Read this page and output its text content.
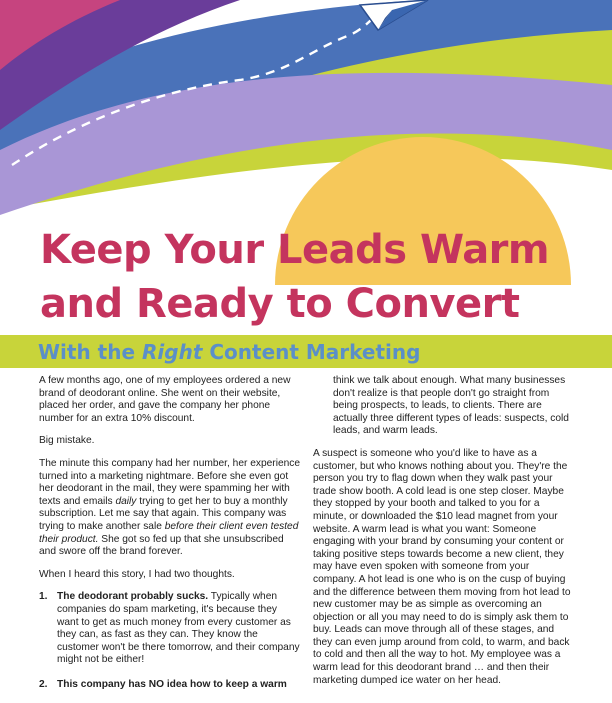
Keep Your Leads Warm
and Ready to Convert
With the Right Content Marketing

A few months ago, one of my employees ordered a new brand of deodorant online. She went on their website, placed her order, and gave the company her phone number for an extra 10% discount.

Big mistake.

The minute this company had her number, her experience turned into a marketing nightmare. Before she even got her deodorant in the mail, they were spamming her with texts and emails daily trying to get her to buy a monthly subscription. Let me say that again. This company was trying to make another sale before their client even tested their product. She got so fed up that she unsubscribed and swore off the brand forever.

When I heard this story, I had two thoughts.

1. The deodorant probably sucks. Typically when companies do spam marketing, it's because they want to get as much money from every customer as they can, as fast as they can. They know the customer won't be there tomorrow, and their company might not be either!
2. This company has NO idea how to keep a warm

think we talk about enough. What many businesses don't realize is that people don't go straight from being prospects, to leads, to clients. There are actually three different types of leads: suspects, cold leads, and warm leads.

A suspect is someone who you'd like to have as a customer, but who knows nothing about you. They're the person you try to flag down when they walk past your trade show booth. A cold lead is one step closer. Maybe they stopped by your booth and talked to you for a minute, or downloaded the $10 lead magnet from your website. A warm lead is what you want: Someone engaging with your brand by consuming your content or taking positive steps towards become a new client, they may have even spoken with someone from your company. A hot lead is one who is on the cusp of buying and the difference between them moving from hot lead to new customer may be as simple as overcoming an objection or all you may need to do is simply ask them to buy. Leads can move through all of these stages, and they can even jump around from cold, to warm, and back to cold and then all the way to hot. My employee was a warm lead for this deodorant brand … and then their marketing dumped ice water on her head.
